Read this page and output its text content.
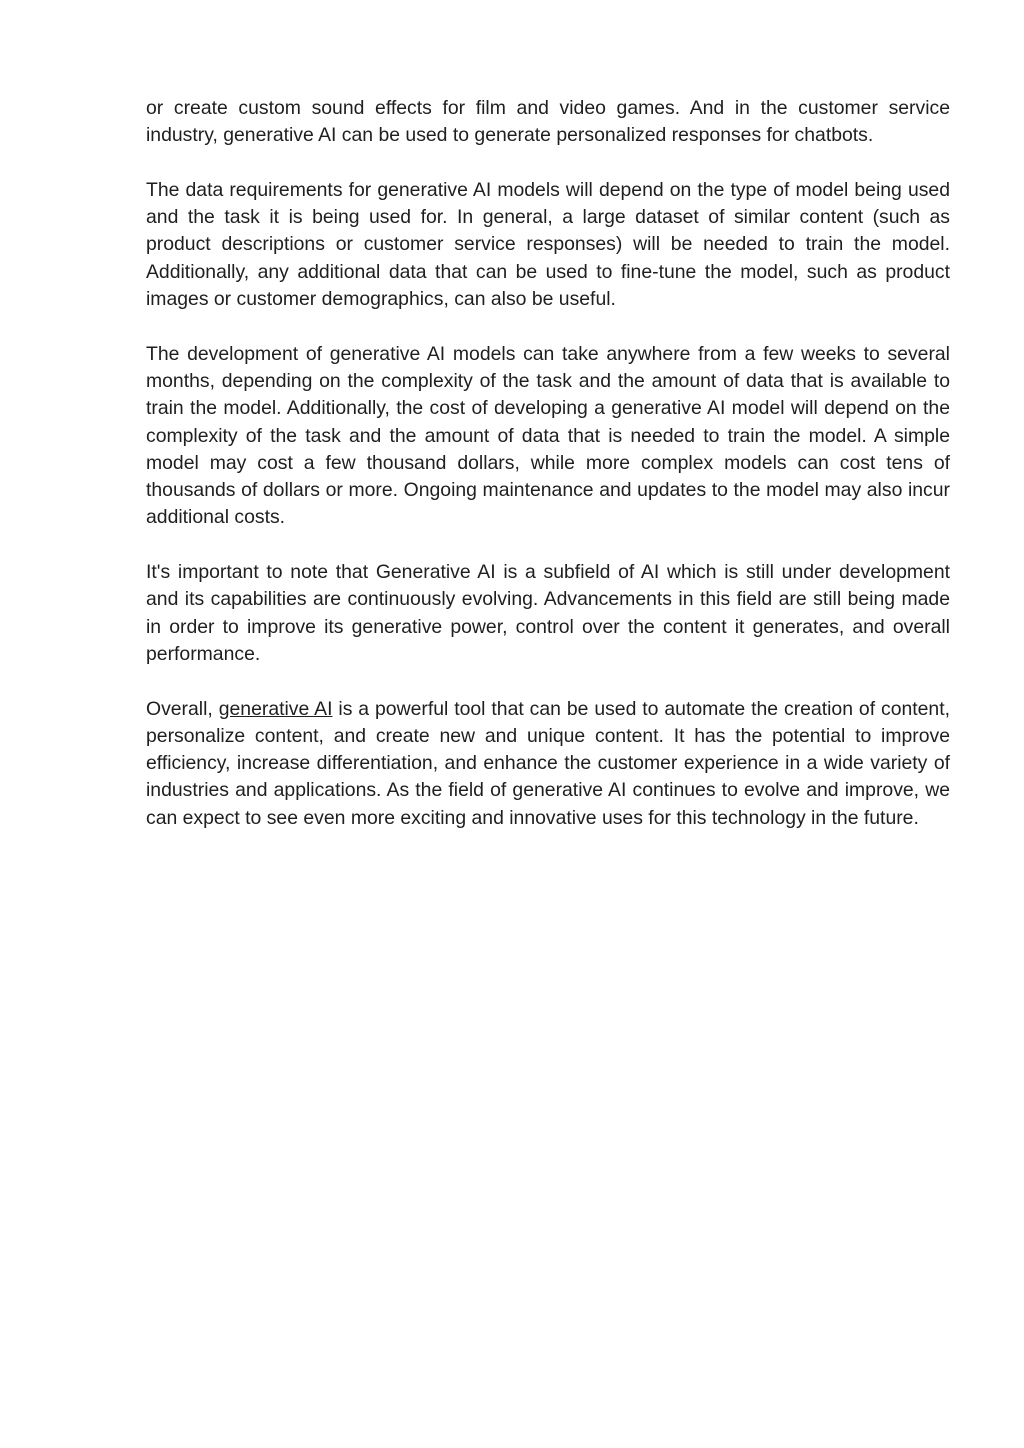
or create custom sound effects for film and video games. And in the customer service industry, generative AI can be used to generate personalized responses for chatbots.

The data requirements for generative AI models will depend on the type of model being used and the task it is being used for. In general, a large dataset of similar content (such as product descriptions or customer service responses) will be needed to train the model. Additionally, any additional data that can be used to fine-tune the model, such as product images or customer demographics, can also be useful.

The development of generative AI models can take anywhere from a few weeks to several months, depending on the complexity of the task and the amount of data that is available to train the model. Additionally, the cost of developing a generative AI model will depend on the complexity of the task and the amount of data that is needed to train the model. A simple model may cost a few thousand dollars, while more complex models can cost tens of thousands of dollars or more. Ongoing maintenance and updates to the model may also incur additional costs.

It's important to note that Generative AI is a subfield of AI which is still under development and its capabilities are continuously evolving. Advancements in this field are still being made in order to improve its generative power, control over the content it generates, and overall performance.

Overall, generative AI is a powerful tool that can be used to automate the creation of content, personalize content, and create new and unique content. It has the potential to improve efficiency, increase differentiation, and enhance the customer experience in a wide variety of industries and applications. As the field of generative AI continues to evolve and improve, we can expect to see even more exciting and innovative uses for this technology in the future.
